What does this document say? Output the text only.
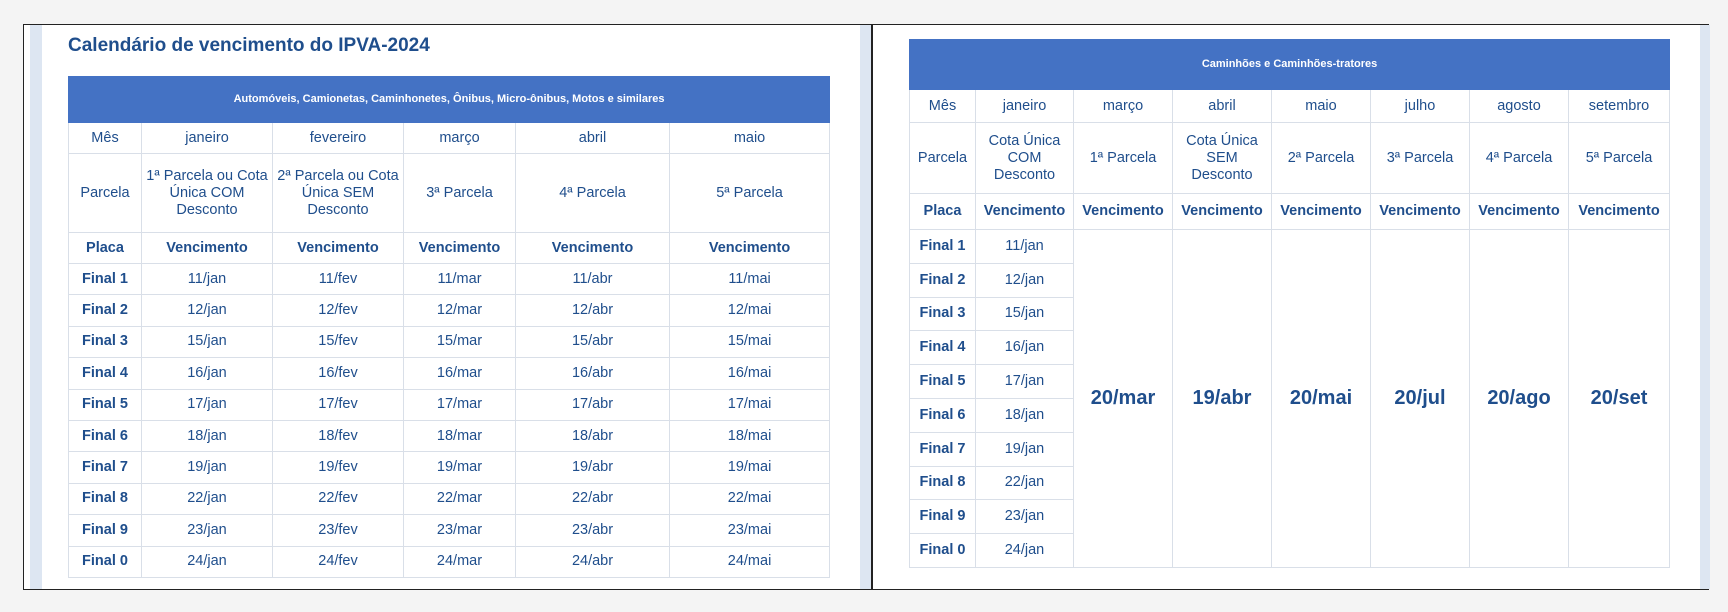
Calendário de vencimento do IPVA-2024
Automóveis, Camionetas, Caminhonetes, Ônibus, Micro-ônibus, Motos e similares					
Mês	janeiro	fevereiro	março	abril	maio
Parcela	1ª Parcela ou Cota Única COM Desconto	2ª Parcela ou Cota Única SEM Desconto	3ª Parcela	4ª Parcela	5ª Parcela
Placa	Vencimento	Vencimento	Vencimento	Vencimento	Vencimento
Final 1	11/jan	11/fev	11/mar	11/abr	11/mai
Final 2	12/jan	12/fev	12/mar	12/abr	12/mai
Final 3	15/jan	15/fev	15/mar	15/abr	15/mai
Final 4	16/jan	16/fev	16/mar	16/abr	16/mai
Final 5	17/jan	17/fev	17/mar	17/abr	17/mai
Final 6	18/jan	18/fev	18/mar	18/abr	18/mai
Final 7	19/jan	19/fev	19/mar	19/abr	19/mai
Final 8	22/jan	22/fev	22/mar	22/abr	22/mai
Final 9	23/jan	23/fev	23/mar	23/abr	23/mai
Final 0	24/jan	24/fev	24/mar	24/abr	24/mai
Caminhões e Caminhões-tratores							
Mês	janeiro	março	abril	maio	julho	agosto	setembro
Parcela	Cota Única COM Desconto	1ª Parcela	Cota Única SEM Desconto	2ª Parcela	3ª Parcela	4ª Parcela	5ª Parcela
Placa	Vencimento	Vencimento	Vencimento	Vencimento	Vencimento	Vencimento	Vencimento
Final 1	11/jan	20/mar	19/abr	20/mai	20/jul	20/ago	20/set
Final 2	12/jan						
Final 3	15/jan						
Final 4	16/jan						
Final 5	17/jan						
Final 6	18/jan						
Final 7	19/jan						
Final 8	22/jan						
Final 9	23/jan						
Final 0	24/jan						
